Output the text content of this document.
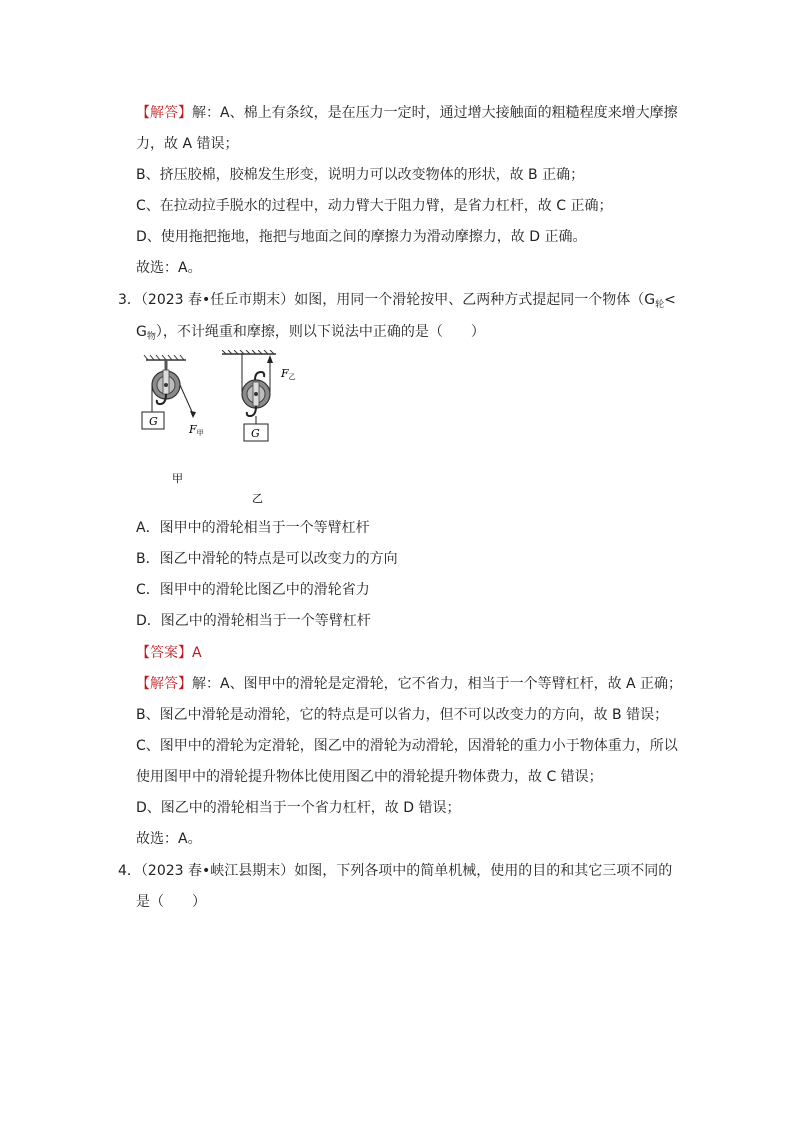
【解答】解：A、棉上有条纹，是在压力一定时，通过增大接触面的粗糙程度来增大摩擦
力，故 A 错误；
B、挤压胶棉，胶棉发生形变，说明力可以改变物体的形状，故 B 正确；
C、在拉动拉手脱水的过程中，动力臂大于阻力臂，是省力杠杆，故 C 正确；
D、使用拖把拖地，拖把与地面之间的摩擦力为滑动摩擦力，故 D 正确。
故选：A。
3．（2023 春•任丘市期末）如图，用同一个滑轮按甲、乙两种方式提起同一个物体（$G_轮<$
$G_物$），不计绳重和摩擦，则以下说法中正确的是（　　）
G
G
F甲
F乙
甲
乙
A．图甲中的滑轮相当于一个等臂杠杆
B．图乙中滑轮的特点是可以改变力的方向
C．图甲中的滑轮比图乙中的滑轮省力
D．图乙中的滑轮相当于一个等臂杠杆
【答案】A
【解答】解：A、图甲中的滑轮是定滑轮，它不省力，相当于一个等臂杠杆，故 A 正确；
B、图乙中滑轮是动滑轮，它的特点是可以省力，但不可以改变力的方向，故 B 错误；
C、图甲中的滑轮为定滑轮，图乙中的滑轮为动滑轮，因滑轮的重力小于物体重力，所以
使用图甲中的滑轮提升物体比使用图乙中的滑轮提升物体费力，故 C 错误；
D、图乙中的滑轮相当于一个省力杠杆，故 D 错误；
故选：A。
4．（2023 春•峡江县期末）如图，下列各项中的简单机械，使用的目的和其它三项不同的
是（　　）
